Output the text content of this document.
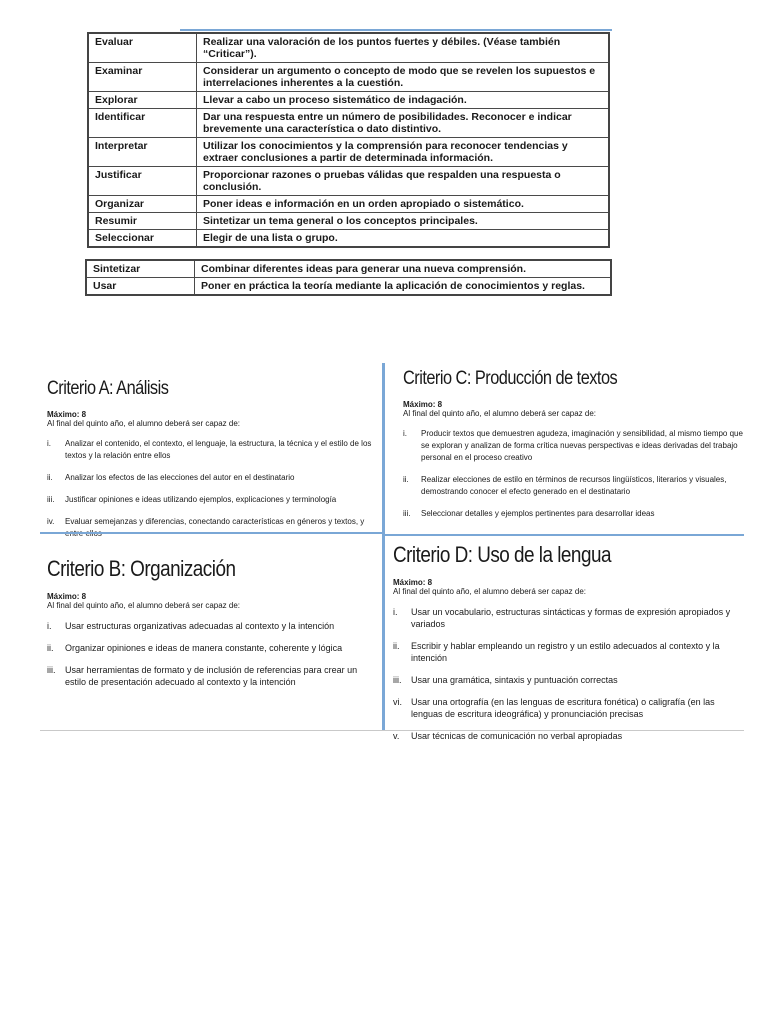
Evaluar	Realizar una valoración de los puntos fuertes y débiles. (Véase también “Criticar”).
Examinar	Considerar un argumento o concepto de modo que se revelen los supuestos e interrelaciones inherentes a la cuestión.
Explorar	Llevar a cabo un proceso sistemático de indagación.
Identificar	Dar una respuesta entre un número de posibilidades. Reconocer e indicar brevemente una característica o dato distintivo.
Interpretar	Utilizar los conocimientos y la comprensión para reconocer tendencias y extraer conclusiones a partir de determinada información.
Justificar	Proporcionar razones o pruebas válidas que respalden una respuesta o conclusión.
Organizar	Poner ideas e información en un orden apropiado o sistemático.
Resumir	Sintetizar un tema general o los conceptos principales.
Seleccionar	Elegir de una lista o grupo.
Sintetizar	Combinar diferentes ideas para generar una nueva comprensión.
Usar	Poner en práctica la teoría mediante la aplicación de conocimientos y reglas.
Criterio A: Análisis

Máximo: 8

Al final del quinto año, el alumno deberá ser capaz de:

i.	Analizar el contenido, el contexto, el lenguaje, la estructura, la técnica y el estilo de los textos y la relación entre ellos
ii.	Analizar los efectos de las elecciones del autor en el destinatario
iii.	Justificar opiniones e ideas utilizando ejemplos, explicaciones y terminología
iv.	Evaluar semejanzas y diferencias, conectando características en géneros y textos, y
Criterio C: Producción de textos

Máximo: 8

Al final del quinto año, el alumno deberá ser capaz de:

i.	Producir textos que demuestren agudeza, imaginación y sensibilidad, al mismo tiempo que se exploran y analizan de forma crítica nuevas perspectivas e ideas derivadas del trabajo personal en el proceso creativo
ii.	Realizar elecciones de estilo en términos de recursos lingüísticos, literarios y visuales, demostrando conocer el efecto generado en el destinatario
iii.	Seleccionar detalles y ejemplos pertinentes para desarrollar ideas
Criterio B: Organización

Máximo: 8

Al final del quinto año, el alumno deberá ser capaz de:

i.	Usar estructuras organizativas adecuadas al contexto y la intención
ii.	Organizar opiniones e ideas de manera constante, coherente y lógica
iii.	Usar herramientas de formato y de inclusión de referencias para crear un estilo de presentación adecuado al contexto y la intención
Criterio D: Uso de la lengua

Máximo: 8

Al final del quinto año, el alumno deberá ser capaz de:

i.	Usar un vocabulario, estructuras sintácticas y formas de expresión apropiados y variados
ii.	Escribir y hablar empleando un registro y un estilo adecuados al contexto y la intención
iii.	Usar una gramática, sintaxis y puntuación correctas
vi.	Usar una ortografía (en las lenguas de escritura fonética) o caligrafía (en las lenguas de escritura ideográfica) y pronunciación precisas
v.	Usar técnicas de comunicación no verbal apropiadas
